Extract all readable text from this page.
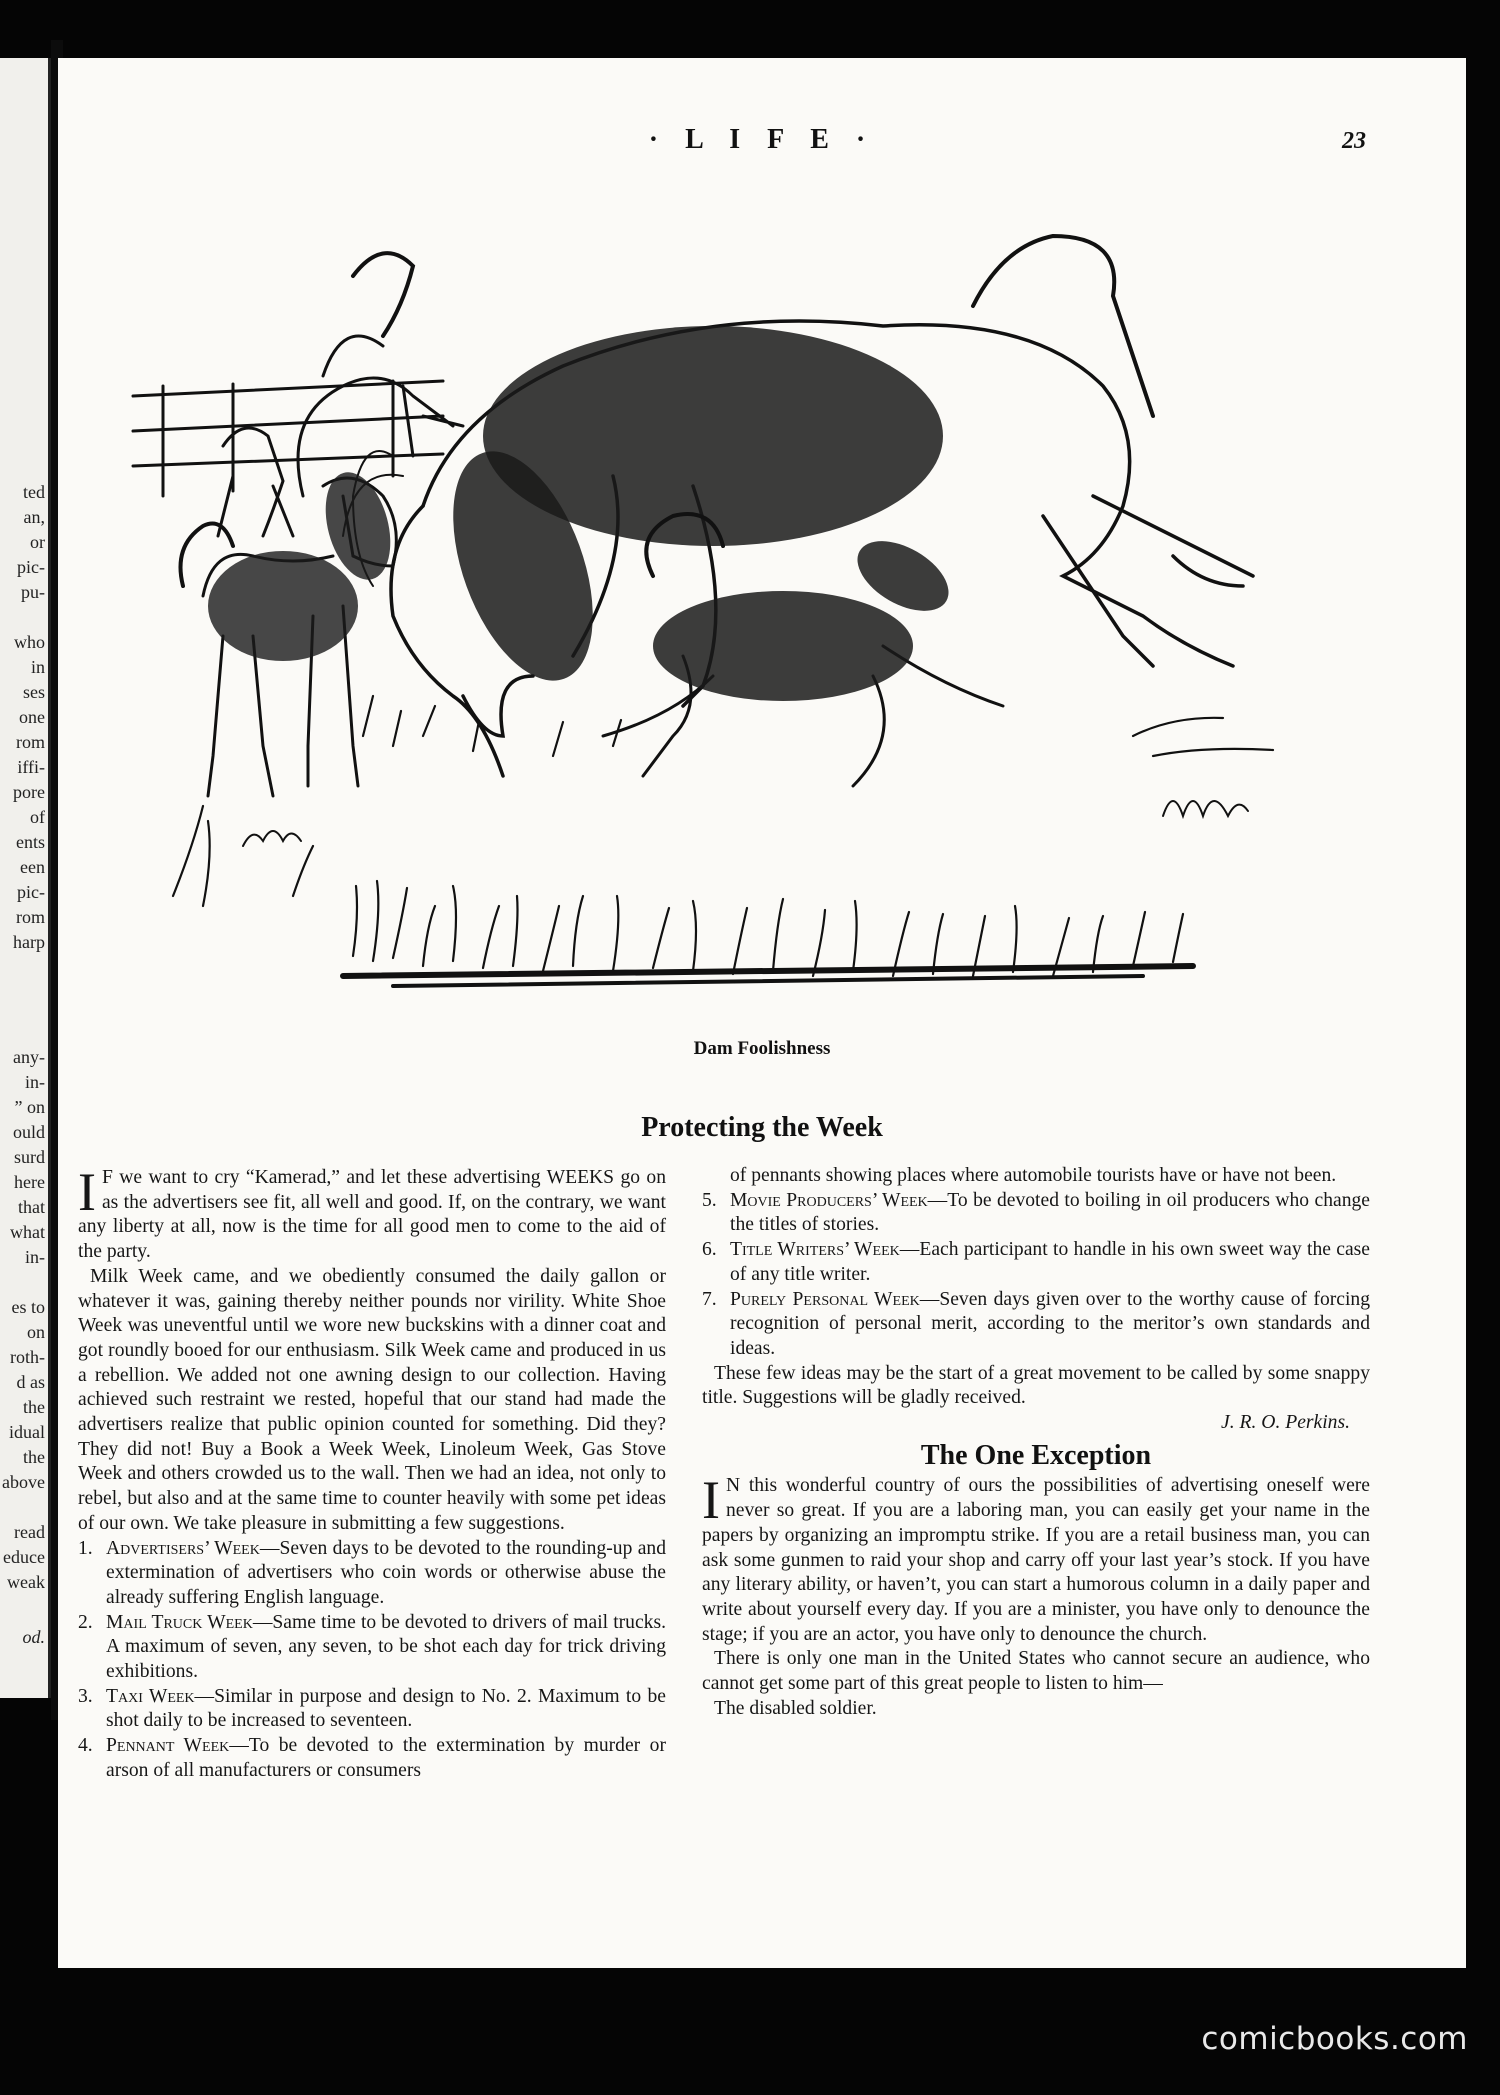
ted
an,
or
pic-
pu-
who
in
ses
one
rom
iffi-
pore
of
ents
een
pic-
rom
harp
any-
in-
” on
ould
surd
here
that
what
in-
es to
on
roth-
d as
the
idual
the
above
read
educe
weak
od.
· L I F E ·	23
Dam Foolishness
Protecting the Week

I F we want to cry “Kamerad,” and let these advertising WEEKS go on as the advertisers see fit, all well and good. If, on the contrary, we want any liberty at all, now is the time for all good men to come to the aid of the party.

Milk Week came, and we obediently consumed the daily gallon or whatever it was, gaining thereby neither pounds nor virility. White Shoe Week was uneventful until we wore new buckskins with a dinner coat and got roundly booed for our enthusiasm. Silk Week came and produced in us a rebellion. We added not one awning design to our collection. Having achieved such restraint we rested, hopeful that our stand had made the advertisers realize that public opinion counted for something. Did they? They did not! Buy a Book a Week Week, Linoleum Week, Gas Stove Week and others crowded us to the wall. Then we had an idea, not only to rebel, but also and at the same time to counter heavily with some pet ideas of our own. We take pleasure in submitting a few suggestions.

1. Advertisers’ Week—Seven days to be devoted to the rounding-up and extermination of advertisers who coin words or otherwise abuse the already suffering English language.

2. Mail Truck Week—Same time to be devoted to drivers of mail trucks. A maximum of seven, any seven, to be shot each day for trick driving exhibitions.

3. Taxi Week—Similar in purpose and design to No. 2. Maximum to be shot daily to be increased to seventeen.

4. Pennant Week—To be devoted to the extermination by murder or arson of all manufacturers or consumers

of pennants showing places where automobile tourists have or have not been.

5. Movie Producers’ Week—To be devoted to boiling in oil producers who change the titles of stories.

6. Title Writers’ Week—Each participant to handle in his own sweet way the case of any title writer.

7. Purely Personal Week—Seven days given over to the worthy cause of forcing recognition of personal merit, according to the meritor’s own standards and ideas.

These few ideas may be the start of a great movement to be called by some snappy title. Suggestions will be gladly received.

J. R. O. Perkins.

The One Exception

I N this wonderful country of ours the possibilities of advertising oneself were never so great. If you are a laboring man, you can easily get your name in the papers by organizing an impromptu strike. If you are a retail business man, you can ask some gunmen to raid your shop and carry off your last year’s stock. If you have any literary ability, or haven’t, you can start a humorous column in a daily paper and write about yourself every day. If you are a minister, you have only to denounce the stage; if you are an actor, you have only to denounce the church.

There is only one man in the United States who cannot secure an audience, who cannot get some part of this great people to listen to him—

The disabled soldier.

comicbooks.com
